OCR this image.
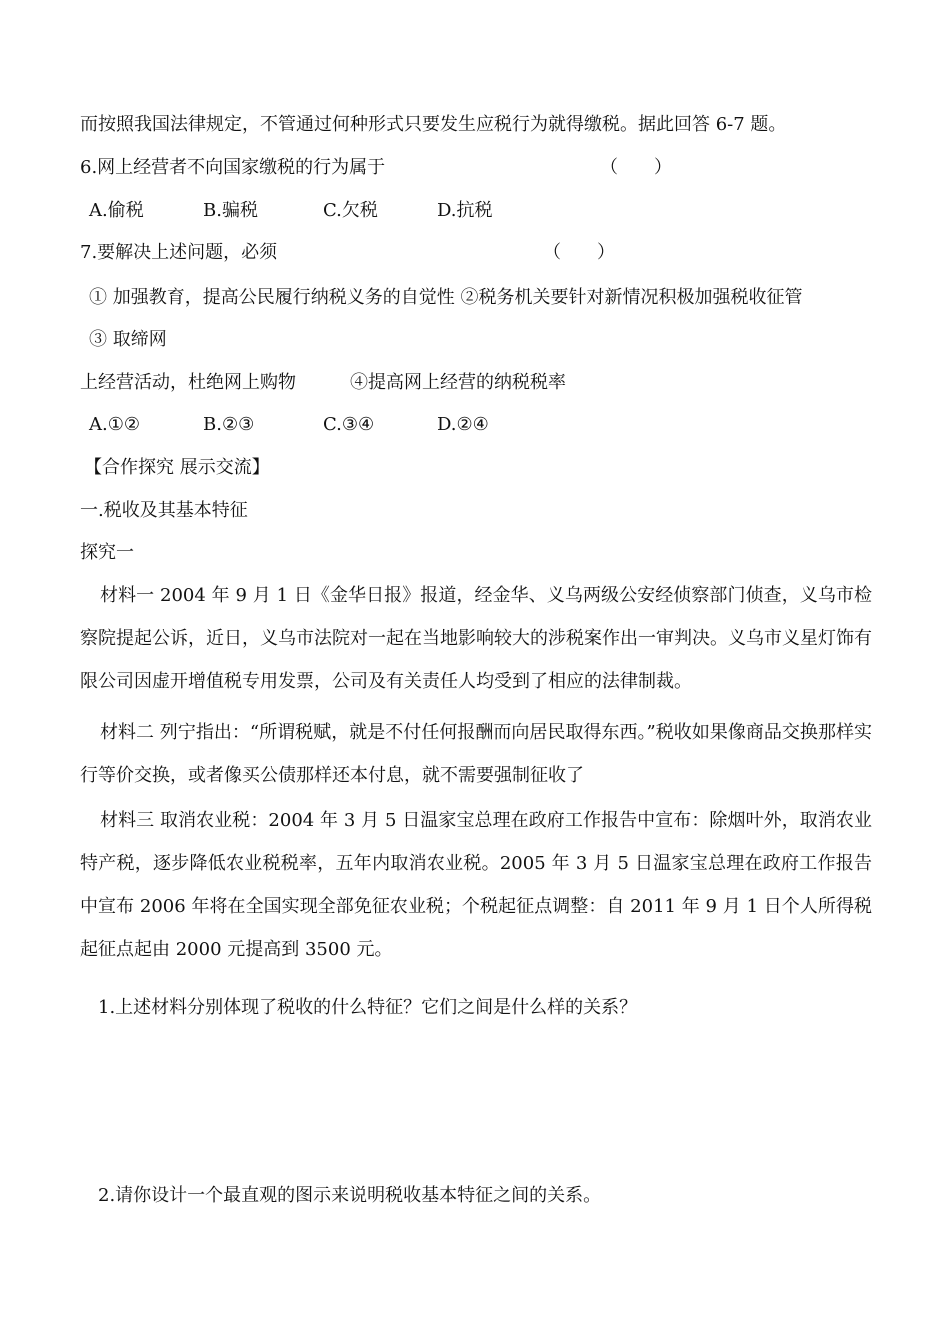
而按照我国法律规定，不管通过何种形式只要发生应税行为就得缴税。据此回答 6-7 题。
6.网上经营者不向国家缴税的行为属于	（　　）
A.偷税	B.骗税	C.欠税	D.抗税
7.要解决上述问题，必须	（　　）
① 加强教育，提高公民履行纳税义务的自觉性 ②税务机关要针对新情况积极加强税收征管
③ 取缔网
上经营活动，杜绝网上购物　　　④提高网上经营的纳税税率
A.①②	B.②③	C.③④	D.②④
【合作探究 展示交流】
一.税收及其基本特征
探究一
材料一 2004 年 9 月 1 日《金华日报》报道，经金华、义乌两级公安经侦察部门侦查，义乌市检察院提起公诉，近日，义乌市法院对一起在当地影响较大的涉税案作出一审判决。义乌市义星灯饰有限公司因虚开增值税专用发票，公司及有关责任人均受到了相应的法律制裁。
材料二 列宁指出：“所谓税赋，就是不付任何报酬而向居民取得东西。”税收如果像商品交换那样实行等价交换，或者像买公债那样还本付息，就不需要强制征收了
材料三 取消农业税：2004 年 3 月 5 日温家宝总理在政府工作报告中宣布：除烟叶外，取消农业特产税，逐步降低农业税税率，五年内取消农业税。2005 年 3 月 5 日温家宝总理在政府工作报告中宣布 2006 年将在全国实现全部免征农业税；个税起征点调整：自 2011 年 9 月 1 日个人所得税起征点起由 2000 元提高到 3500 元。
1.上述材料分别体现了税收的什么特征？它们之间是什么样的关系？
2.请你设计一个最直观的图示来说明税收基本特征之间的关系。
